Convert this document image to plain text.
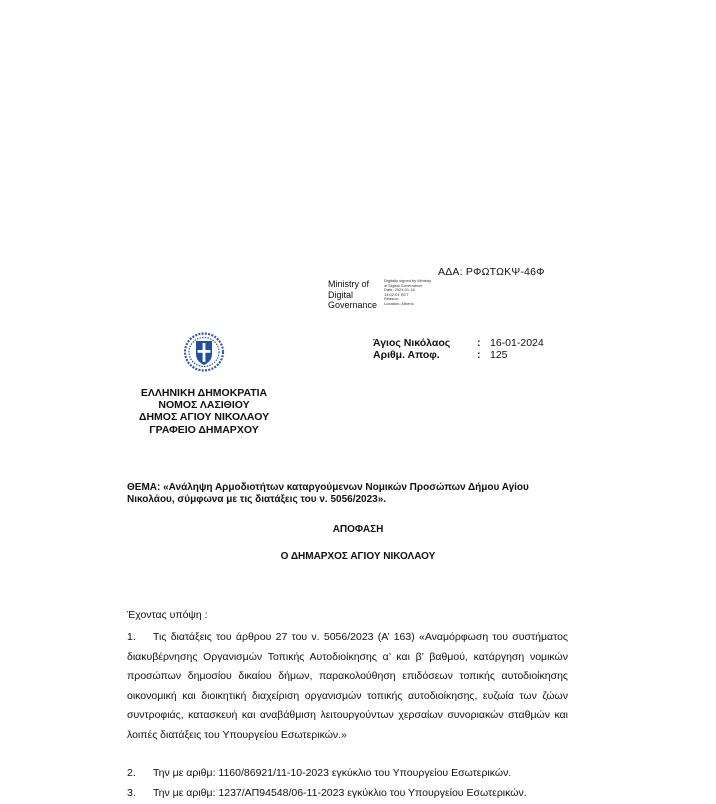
ΑΔΑ: ΡΦΩΤΩΚΨ-46Φ
Ministry of
Digital
Governance
Digitally signed by Ministry
of Digital Governance
Date: 2024.01.16
14:02:01 EET
Reason:
Location: Athens
Άγιος Νικόλαος	: 16-01-2024
Αριθμ. Αποφ.	: 125
ΕΛΛΗΝΙΚΗ ΔΗΜΟΚΡΑΤΙΑ
ΝΟΜΟΣ ΛΑΣΙΘΙΟΥ
ΔΗΜΟΣ ΑΓΙΟΥ ΝΙΚΟΛΑΟΥ
ΓΡΑΦΕΙΟ ΔΗΜΑΡΧΟΥ
ΘΕΜΑ: «Ανάληψη Αρμοδιοτήτων καταργούμενων Νομικών Προσώπων Δήμου Αγίου
Νικολάου, σύμφωνα με τις διατάξεις του ν. 5056/2023».
ΑΠΟΦΑΣΗ
Ο ΔΗΜΑΡΧΟΣ ΑΓΙΟΥ ΝΙΚΟΛΑΟΥ
Έχοντας υπόψη :
1. Τις διατάξεις του άρθρου 27 του ν. 5056/2023 (Α’ 163) «Αναμόρφωση του συστήματος διακυβέρνησης Οργανισμών Τοπικής Αυτοδιοίκησης α’ και β’ βαθμού, κατάργηση νομικών προσώπων δημοσίου δικαίου δήμων, παρακολούθηση επιδόσεων τοπικής αυτοδιοίκησης οικονομική και διοικητική διαχείριση οργανισμών τοπικής αυτοδιοίκησης, ευζωία των ζώων συντροφιάς, κατασκευή και αναβάθμιση λειτουργούντων χερσαίων συνοριακών σταθμών και λοιπές διατάξεις του Υπουργείου Εσωτερικών.»
2. Την με αριθμ: 1160/86921/11-10-2023 εγκύκλιο του Υπουργείου Εσωτερικών.
3. Την με αριθμ: 1237/ΑΠ94548/06-11-2023 εγκύκλιο του Υπουργείου Εσωτερικών.
